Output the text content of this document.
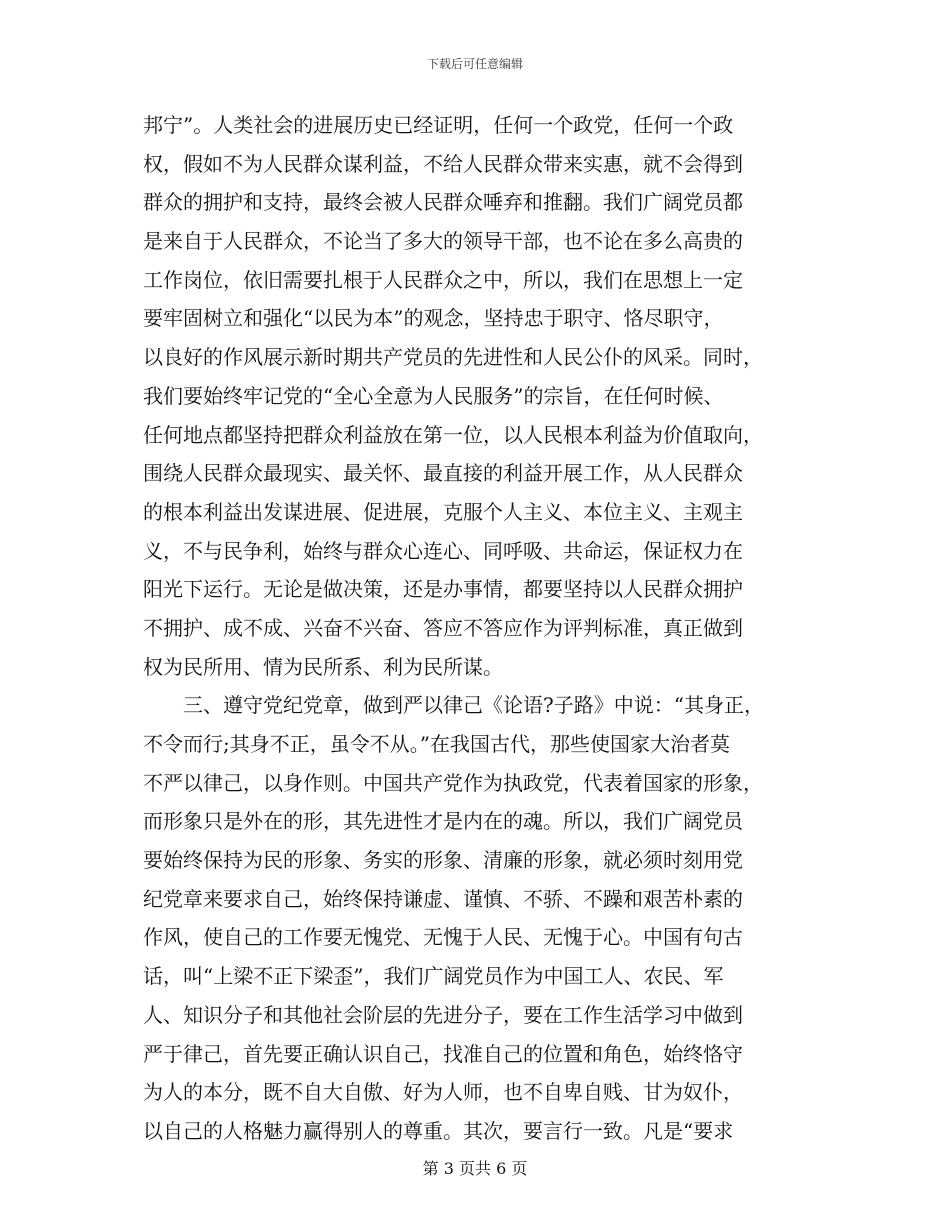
下载后可任意编辑
邦宁”。人类社会的进展历史已经证明，任何一个政党，任何一个政
权，假如不为人民群众谋利益，不给人民群众带来实惠，就不会得到
群众的拥护和支持，最终会被人民群众唾弃和推翻。我们广阔党员都
是来自于人民群众，不论当了多大的领导干部，也不论在多么高贵的
工作岗位，依旧需要扎根于人民群众之中，所以，我们在思想上一定
要牢固树立和强化“以民为本”的观念，坚持忠于职守、恪尽职守，
以良好的作风展示新时期共产党员的先进性和人民公仆的风采。同时，
我们要始终牢记党的“全心全意为人民服务”的宗旨，在任何时候、
任何地点都坚持把群众利益放在第一位，以人民根本利益为价值取向，
围绕人民群众最现实、最关怀、最直接的利益开展工作，从人民群众
的根本利益出发谋进展、促进展，克服个人主义、本位主义、主观主
义，不与民争利，始终与群众心连心、同呼吸、共命运，保证权力在
阳光下运行。无论是做决策，还是办事情，都要坚持以人民群众拥护
不拥护、成不成、兴奋不兴奋、答应不答应作为评判标准，真正做到
权为民所用、情为民所系、利为民所谋。
　　三、遵守党纪党章，做到严以律己《论语?子路》中说：“其身正，
不令而行;其身不正，虽令不从。”在我国古代，那些使国家大治者莫
不严以律己，以身作则。中国共产党作为执政党，代表着国家的形象，
而形象只是外在的形，其先进性才是内在的魂。所以，我们广阔党员
要始终保持为民的形象、务实的形象、清廉的形象，就必须时刻用党
纪党章来要求自己，始终保持谦虚、谨慎、不骄、不躁和艰苦朴素的
作风，使自己的工作要无愧党、无愧于人民、无愧于心。中国有句古
话，叫“上梁不正下梁歪”，我们广阔党员作为中国工人、农民、军
人、知识分子和其他社会阶层的先进分子，要在工作生活学习中做到
严于律己，首先要正确认识自己，找准自己的位置和角色，始终恪守
为人的本分，既不自大自傲、好为人师，也不自卑自贱、甘为奴仆，
以自己的人格魅力赢得别人的尊重。其次，要言行一致。凡是“要求
第 3 页共 6 页
